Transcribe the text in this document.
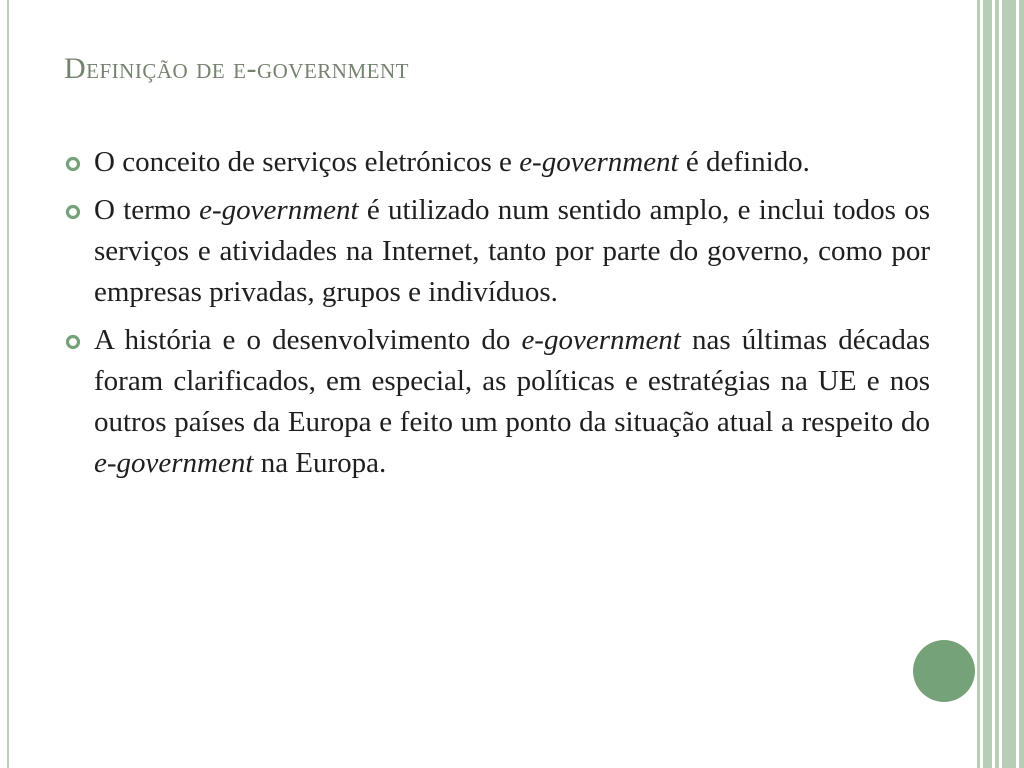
Definição de e-government
O conceito de serviços eletrónicos e e-government é definido.
O termo e-government é utilizado num sentido amplo, e inclui todos os serviços e atividades na Internet, tanto por parte do governo, como por empresas privadas, grupos e indivíduos.
A história e o desenvolvimento do e-government nas últimas décadas foram clarificados, em especial, as políticas e estratégias na UE e nos outros países da Europa e feito um ponto da situação atual a respeito do e-government na Europa.
